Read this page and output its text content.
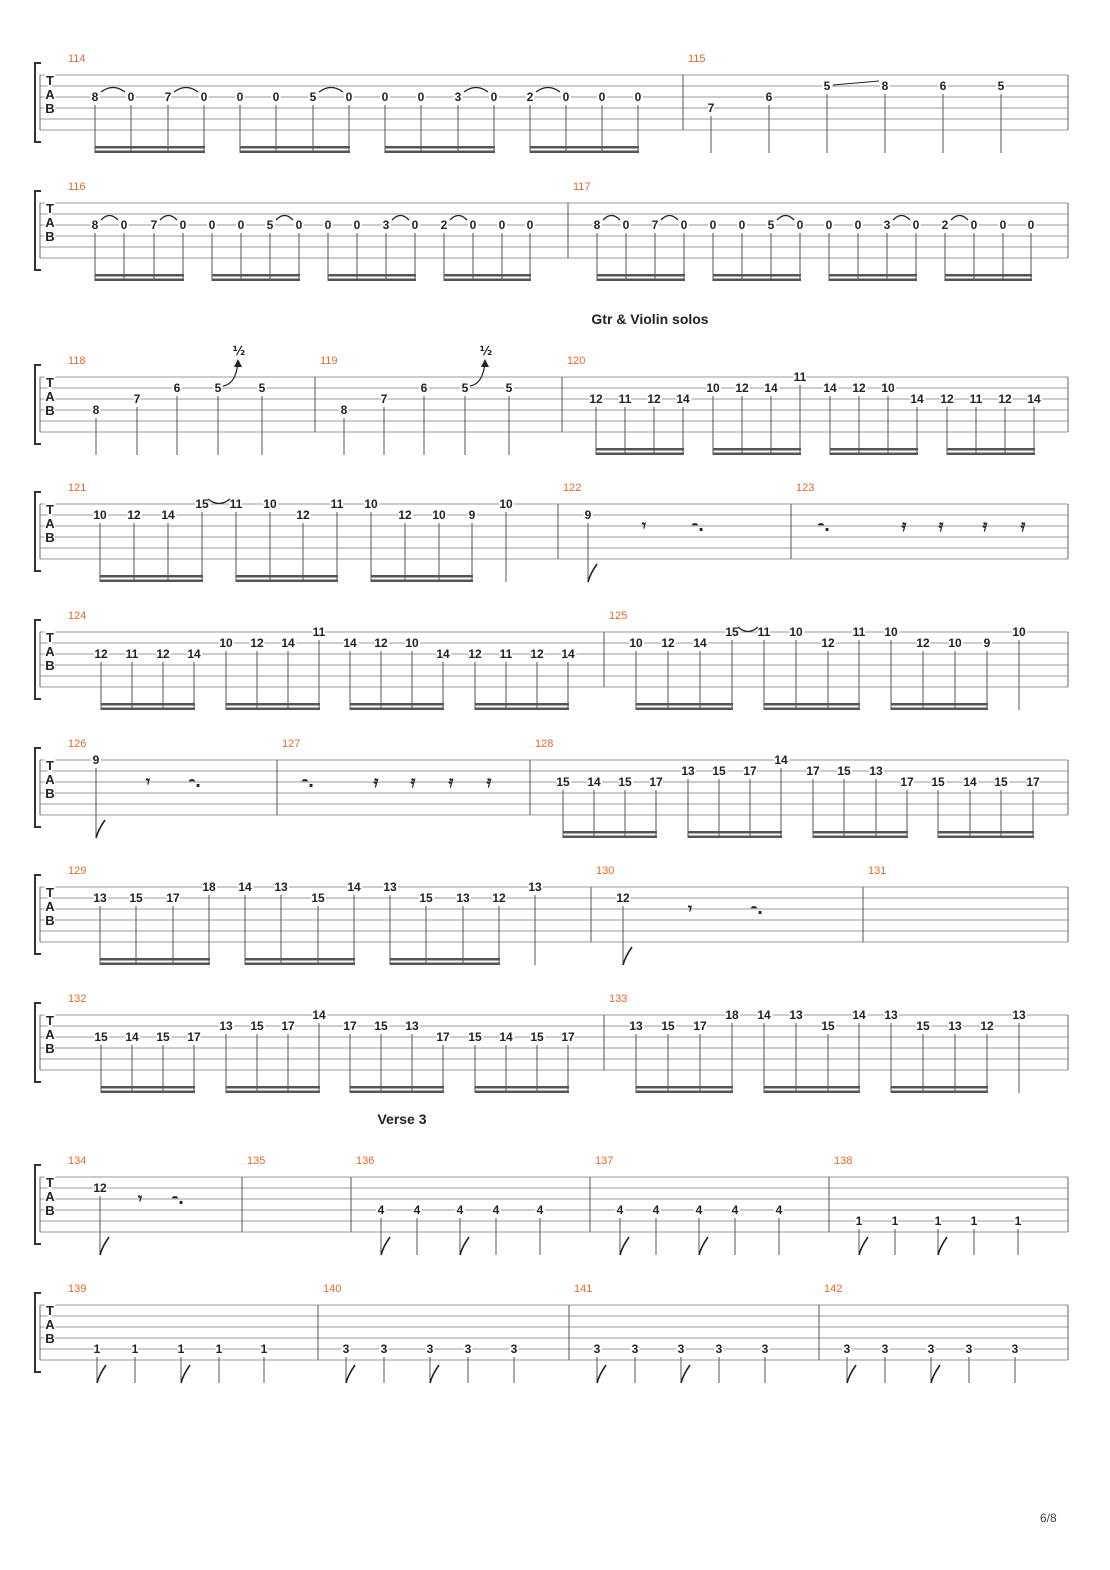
T
A
B
114
8 0	7 0 0 0	5 0 0 0	3 0 2 0 0 0
115
7
6
5	8	6	5
T
A
B
116
8 0 7 0 0 0 5 0 0 0 3 0 2 0 0 0
117
8 0 7 0 0 0 5 0 0 0 3 0 2 0 0 0
Gtr & Violin solos
T
A
B
118
8
7
6	5
½
5
119
8
7
6	5
½
5
120
12 11 12 14
10 12 14
11
14 12 10
14 12 11 12 14
T
A
B
121
10 12 14
15 11 10
12
11 10
12 10 9
10
122
9
𝄾	𝄼.
123
𝄼.	𝄿 𝄿 𝄿 𝄿
T
A
B
124
12 11 12 14
10 12 14
11
14 12 10
14 12 11 12 14
125
10 12 14
15 11 10
12
11 10
12 10 9
10
T
A
B
126
9
𝄾 𝄼.
127
𝄼.	𝄿 𝄿 𝄿 𝄿
128
15 14 15 17
13 15 17
14
17 15 13
17 15 14 15 17
T
A
B
129
13 15 17
18 14 13
15
14 13
15 13 12
13
130
12
𝄾	𝄼.
131
T
A
B
132
15 14 15 17
13 15 17
14
17 15 13
17 15 14 15 17
133
13 15 17
18 14 13
15
14 13
15 13 12
13
Verse 3
T
A
B
134
12
𝄾 𝄼.
135	136
4 4	4 4	4
137
4 4	4 4	4
138
1 1	1 1	1
T
A
B
139
1	1	1	1	1
140
3	3	3	3	3
141
3	3	3	3	3
142
3	3	3	3	3
6/8
